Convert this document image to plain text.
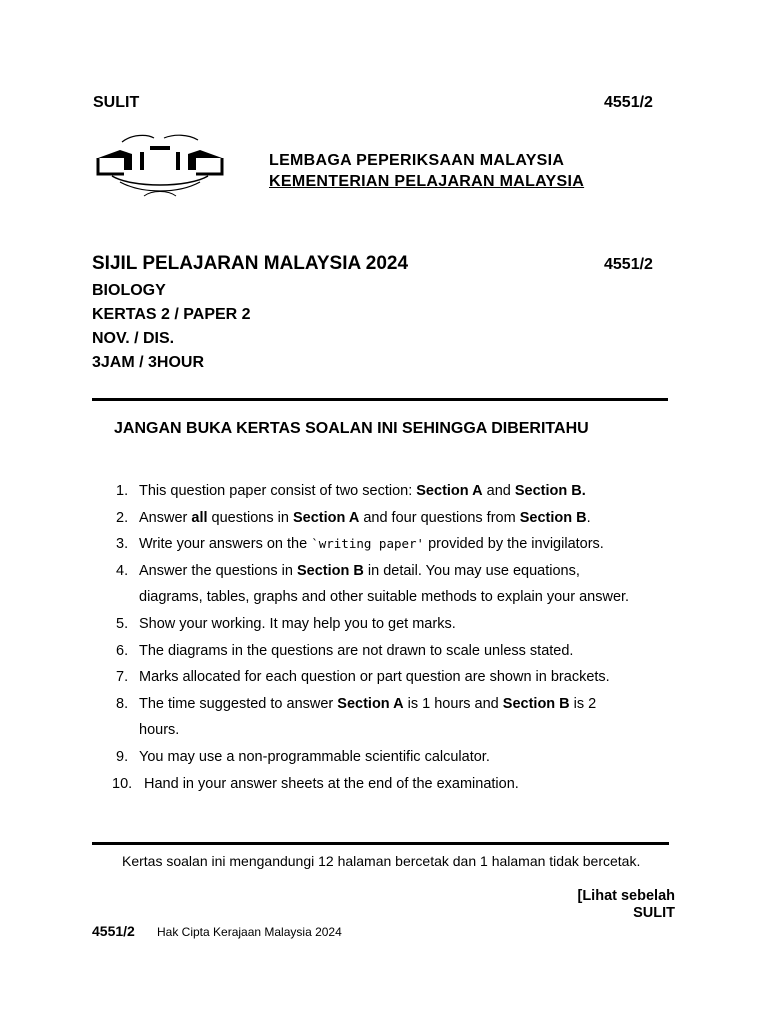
SULIT	4551/2
LEMBAGA PEPERIKSAAN MALAYSIA
KEMENTERIAN PELAJARAN MALAYSIA
SIJIL PELAJARAN MALAYSIA 2024	4551/2
BIOLOGY
KERTAS 2 / PAPER 2
NOV. / DIS.
3JAM / 3HOUR
JANGAN BUKA KERTAS SOALAN INI SEHINGGA DIBERITAHU
1. This question paper consist of two section: Section A and Section B.
2. Answer all questions in Section A and four questions from Section B.
3. Write your answers on the `writing paper' provided by the invigilators.
4. Answer the questions in Section B in detail. You may use equations,
diagrams, tables, graphs and other suitable methods to explain your answer.
5. Show your working. It may help you to get marks.
6. The diagrams in the questions are not drawn to scale unless stated.
7. Marks allocated for each question or part question are shown in brackets.
8. The time suggested to answer Section A is 1 hours and Section B is 2
hours.
9. You may use a non-programmable scientific calculator.
10. Hand in your answer sheets at the end of the examination.
Kertas soalan ini mengandungi 12 halaman bercetak dan 1 halaman tidak bercetak.
[Lihat sebelah
SULIT
4551/2 Hak Cipta Kerajaan Malaysia 2024
